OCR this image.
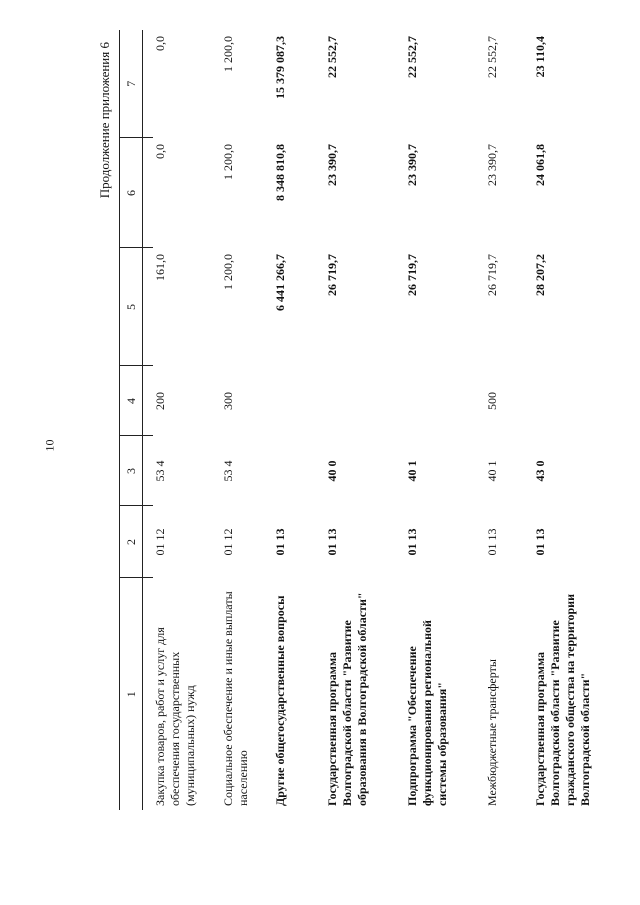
10
Продолжение приложения 6
1	2	3	4	5	6	7

Закупка товаров, работ и услуг для обеспечения государственных (муниципальных) нужд	01 12	53 4	200	161,0	0,0	0,0
Социальное обеспечение и иные выплаты населению	01 12	53 4	300	1 200,0	1 200,0	1 200,0
Другие общегосударственные вопросы	01 13			6 441 266,7	8 348 810,8	15 379 087,3
Государственная программа Волгоградской области "Развитие образования в Волгоградской области"	01 13	40 0		26 719,7	23 390,7	22 552,7
Подпрограмма "Обеспечение функционирования региональной системы образования"	01 13	40 1		26 719,7	23 390,7	22 552,7
Межбюджетные трансферты	01 13	40 1	500	26 719,7	23 390,7	22 552,7
Государственная программа Волгоградской области "Развитие гражданского общества на территории Волгоградской области"	01 13	43 0		28 207,2	24 061,8	23 110,4
